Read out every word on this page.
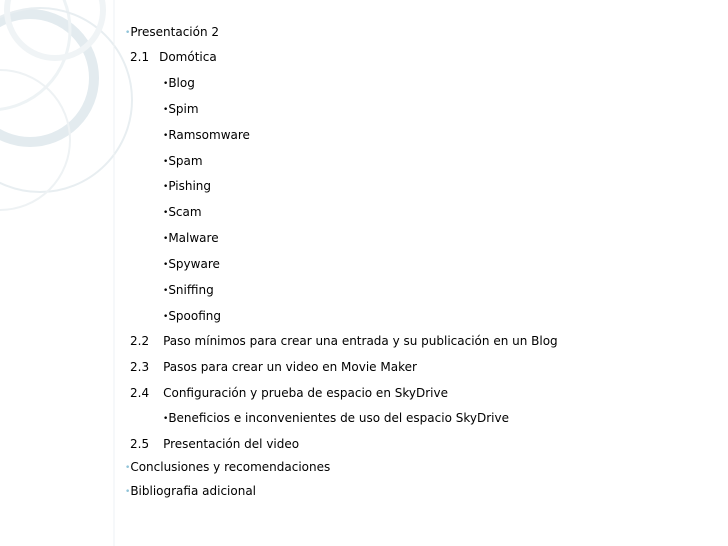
•Presentación 2
2.1 Domótica
•Blog
•Spim
•Ramsomware
•Spam
•Pishing
•Scam
•Malware
•Spyware
•Sniffing
•Spoofing
2.2 Paso mínimos para crear una entrada y su publicación en un Blog
2.3 Pasos para crear un video en Movie Maker
2.4 Configuración y prueba de espacio en SkyDrive
•Beneficios e inconvenientes de uso del espacio SkyDrive
2.5 Presentación del video
•Conclusiones y recomendaciones
•Bibliografia adicional
